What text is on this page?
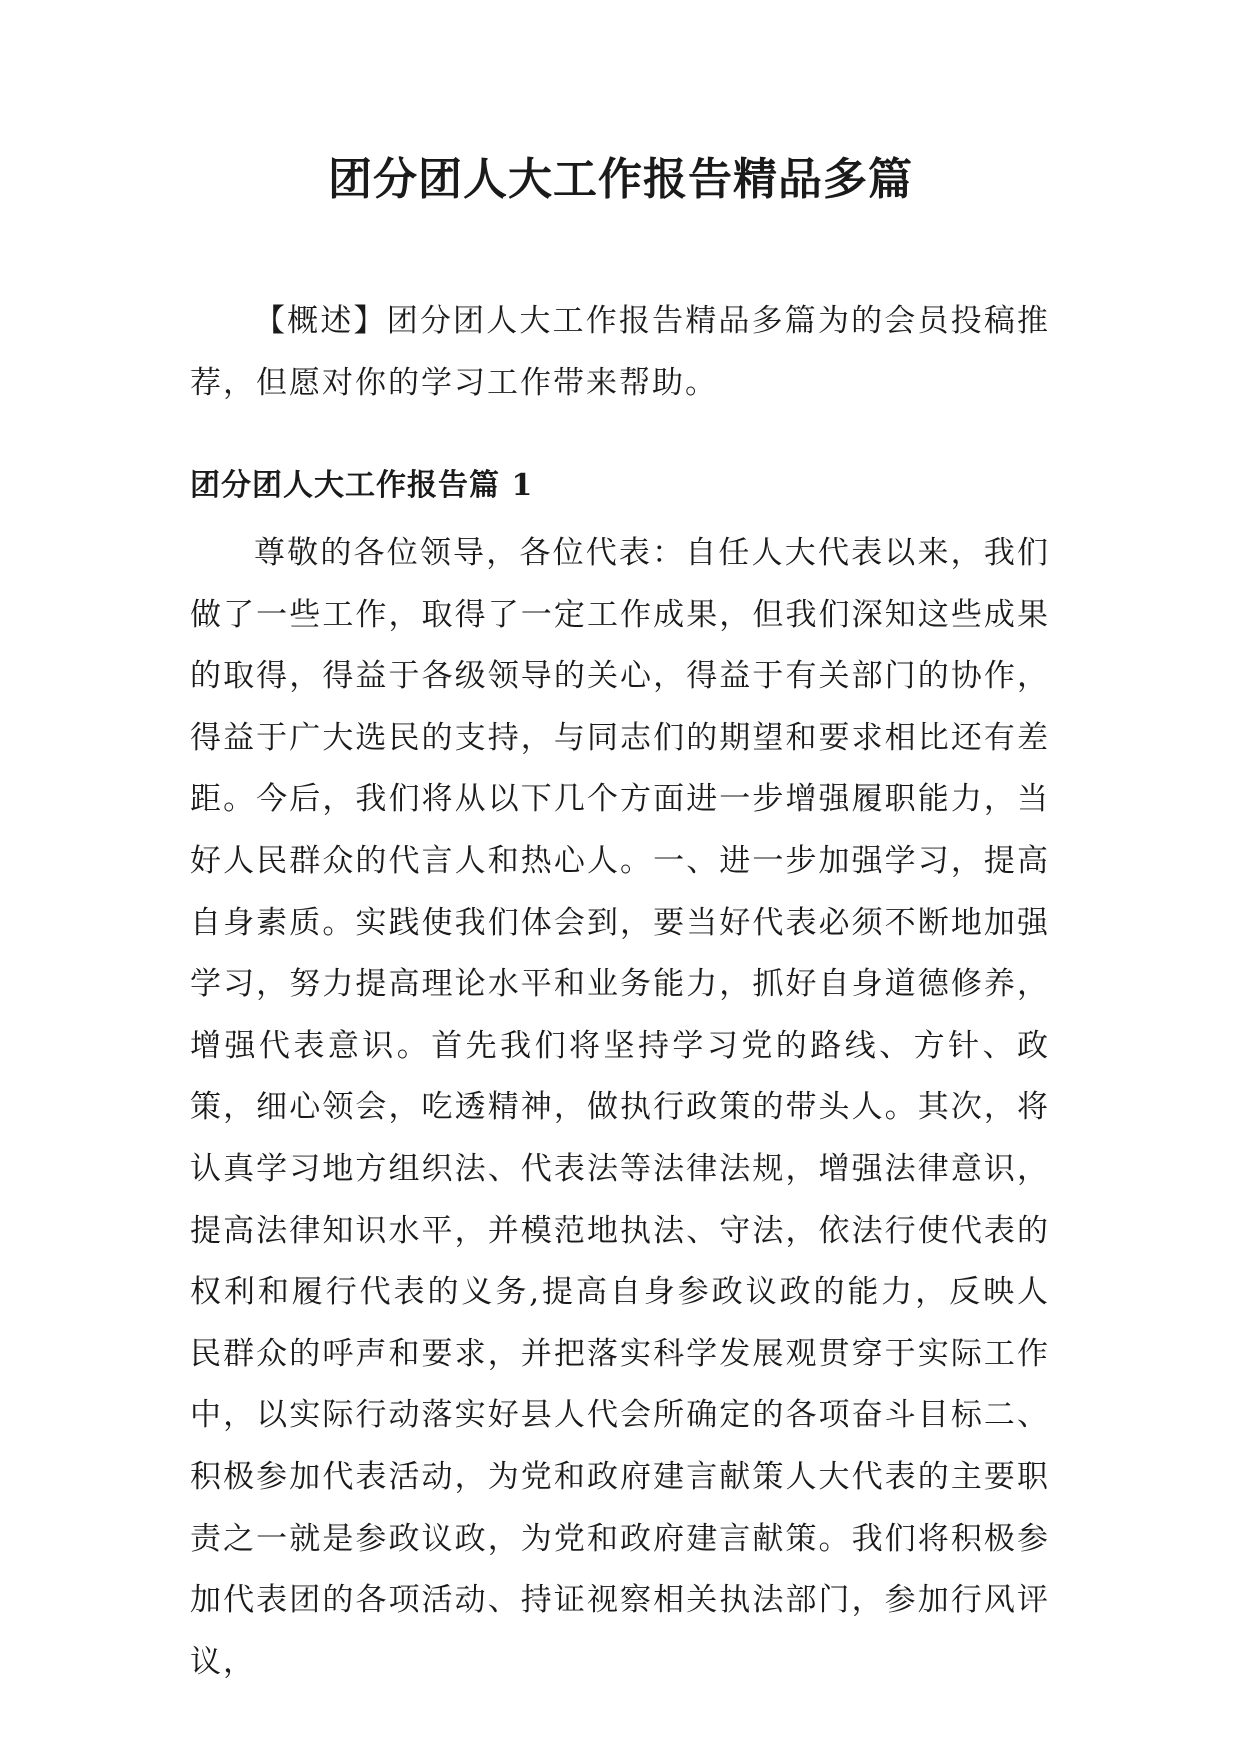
团分团人大工作报告精品多篇

【概述】团分团人大工作报告精品多篇为的会员投稿推荐，但愿对你的学习工作带来帮助。

团分团人大工作报告篇 1

尊敬的各位领导，各位代表：自任人大代表以来，我们做了一些工作，取得了一定工作成果，但我们深知这些成果的取得，得益于各级领导的关心，得益于有关部门的协作，得益于广大选民的支持，与同志们的期望和要求相比还有差距。今后，我们将从以下几个方面进一步增强履职能力，当好人民群众的代言人和热心人。一、进一步加强学习，提高自身素质。实践使我们体会到，要当好代表必须不断地加强学习，努力提高理论水平和业务能力，抓好自身道德修养，增强代表意识。首先我们将坚持学习党的路线、方针、政策，细心领会，吃透精神，做执行政策的带头人。其次，将认真学习地方组织法、代表法等法律法规，增强法律意识，提高法律知识水平，并模范地执法、守法，依法行使代表的权利和履行代表的义务,提高自身参政议政的能力，反映人民群众的呼声和要求，并把落实科学发展观贯穿于实际工作中，以实际行动落实好县人代会所确定的各项奋斗目标二、积极参加代表活动，为党和政府建言献策人大代表的主要职责之一就是参政议政，为党和政府建言献策。我们将积极参加代表团的各项活动、持证视察相关执法部门，参加行风评议，
